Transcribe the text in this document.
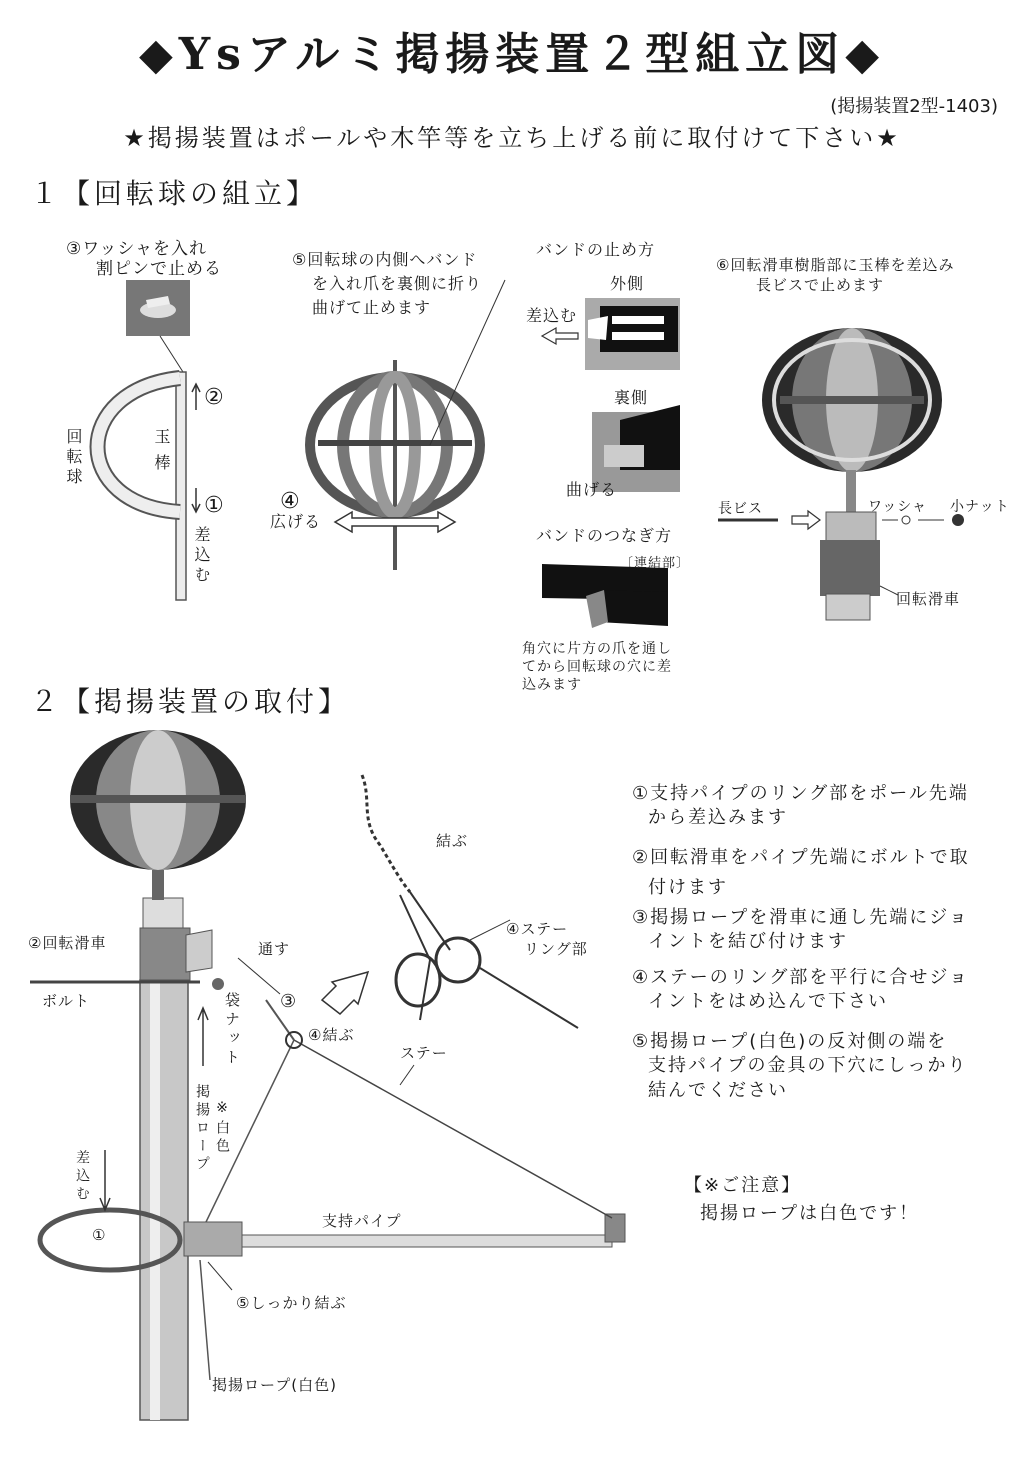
◆Ysアルミ掲揚装置２型組立図◆
(掲揚装置2型-1403)
★掲揚装置はポールや木竿等を立ち上げる前に取付けて下さい★
１【回転球の組立】
③ワッシャを入れ
割ピンで止める
回転球	玉棒
②
①
差込む
⑤回転球の内側へバンド
を入れ爪を裏側に折り
曲げて止めます
④
広げる
バンドの止め方
外側
差込む
裏側
曲げる
バンドのつなぎ方
〔連結部〕
角穴に片方の爪を通し
てから回転球の穴に差
込みます
⑥回転滑車樹脂部に玉棒を差込み
長ビスで止めます
長ビス	ワッシャ 小ナット
回転滑車
２【掲揚装置の取付】
②回転滑車
ボルト	袋ナット
通す
③
④結ぶ
ステー
※白色
掲揚ロープ
差込む
①
支持パイプ
⑤しっかり結ぶ
掲揚ロープ(白色)
結ぶ
④ステー
リング部
①支持パイプのリング部をポール先端
から差込みます
②回転滑車をパイプ先端にボルトで取
付けます
③掲揚ロープを滑車に通し先端にジョ
イントを結び付けます
④ステーのリング部を平行に合せジョ
イントをはめ込んで下さい
⑤掲揚ロープ(白色)の反対側の端を
支持パイプの金具の下穴にしっかり
結んでください
【※ご注意】
掲揚ロープは白色です！
